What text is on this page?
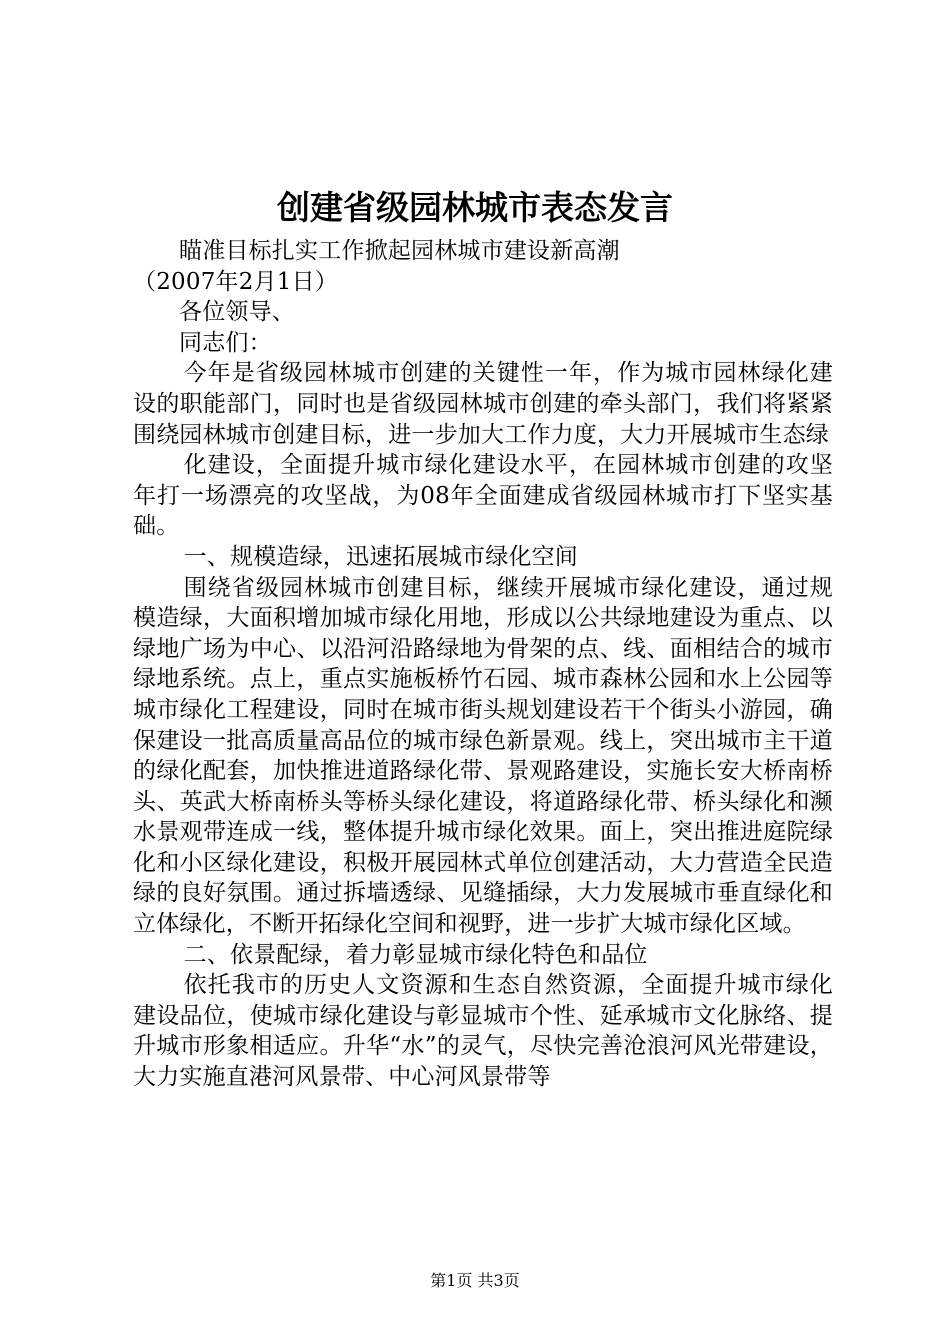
创建省级园林城市表态发言

瞄准目标扎实工作掀起园林城市建设新高潮

（2007年2月1日）

各位领导、

同志们：

今年是省级园林城市创建的关键性一年，作为城市园林绿化建设的职能部门，同时也是省级园林城市创建的牵头部门，我们将紧紧围绕园林城市创建目标，进一步加大工作力度，大力开展城市生态绿

化建设，全面提升城市绿化建设水平，在园林城市创建的攻坚年打一场漂亮的攻坚战，为08年全面建成省级园林城市打下坚实基础。

一、规模造绿，迅速拓展城市绿化空间

围绕省级园林城市创建目标，继续开展城市绿化建设，通过规模造绿，大面积增加城市绿化用地，形成以公共绿地建设为重点、以绿地广场为中心、以沿河沿路绿地为骨架的点、线、面相结合的城市绿地系统。点上，重点实施板桥竹石园、城市森林公园和水上公园等城市绿化工程建设，同时在城市街头规划建设若干个街头小游园，确保建设一批高质量高品位的城市绿色新景观。线上，突出城市主干道的绿化配套，加快推进道路绿化带、景观路建设，实施长安大桥南桥头、英武大桥南桥头等桥头绿化建设，将道路绿化带、桥头绿化和濒水景观带连成一线，整体提升城市绿化效果。面上，突出推进庭院绿化和小区绿化建设，积极开展园林式单位创建活动，大力营造全民造绿的良好氛围。通过拆墙透绿、见缝插绿，大力发展城市垂直绿化和立体绿化，不断开拓绿化空间和视野，进一步扩大城市绿化区域。

二、依景配绿，着力彰显城市绿化特色和品位

依托我市的历史人文资源和生态自然资源，全面提升城市绿化建设品位，使城市绿化建设与彰显城市个性、延承城市文化脉络、提升城市形象相适应。升华“水”的灵气，尽快完善沧浪河风光带建设，大力实施直港河风景带、中心河风景带等

第1页 共3页
